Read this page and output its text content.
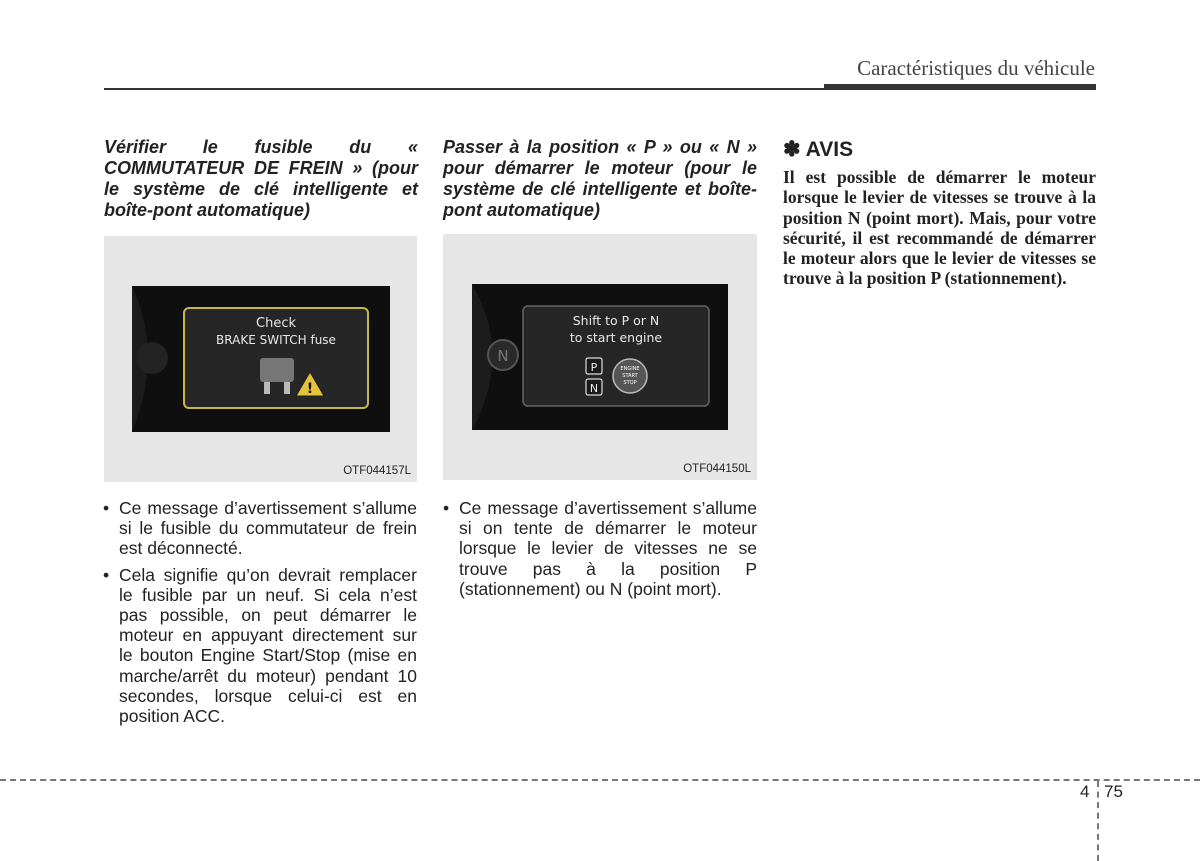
Caractéristiques du véhicule

Vérifier le fusible du « COMMUTATEUR DE FREIN » (pour le système de clé intelligente et boîte-pont automatique)

Check
BRAKE SWITCH fuse
!
OTF044157L
• Ce message d’avertissement s’allume si le fusible du commutateur de frein est déconnecté.
• Cela signifie qu’on devrait remplacer le fusible par un neuf. Si cela n’est pas possible, on peut démarrer le moteur en appuyant directement sur le bouton Engine Start/Stop (mise en marche/arrêt du moteur) pendant 10 secondes, lorsque celui-ci est en position ACC.

Passer à la position « P » ou « N » pour démarrer le moteur (pour le système de clé intelligente et boîte-pont automatique)

N
Shift to P or N
to start engine
P
N
ENGINE
START
STOP
OTF044150L
• Ce message d’avertissement s’allume si on tente de démarrer le moteur lorsque le levier de vitesses ne se trouve pas à la position P (stationnement) ou N (point mort).
✽ AVIS

Il est possible de démarrer le moteur lorsque le levier de vitesses se trouve à la position N (point mort). Mais, pour votre sécurité, il est recommandé de démarrer le moteur alors que le levier de vitesses se trouve à la position P (stationnement).

4 75
